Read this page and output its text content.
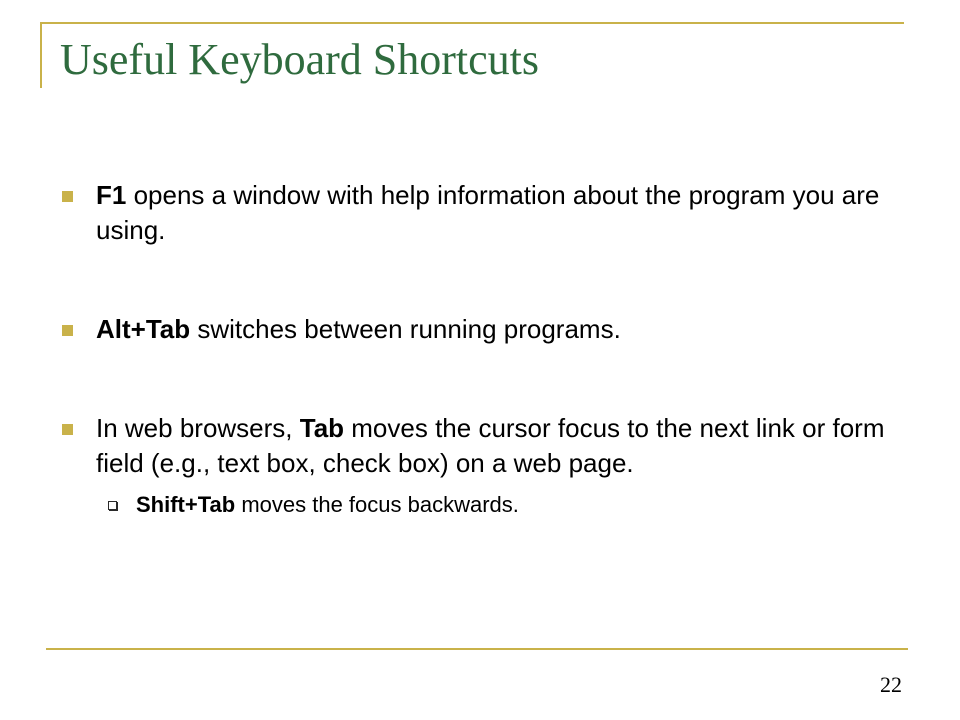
Useful Keyboard Shortcuts
F1 opens a window with help information about the program you are using.
Alt+Tab switches between running programs.
In web browsers, Tab moves the cursor focus to the next link or form field (e.g., text box, check box) on a web page.
Shift+Tab moves the focus backwards.
22
